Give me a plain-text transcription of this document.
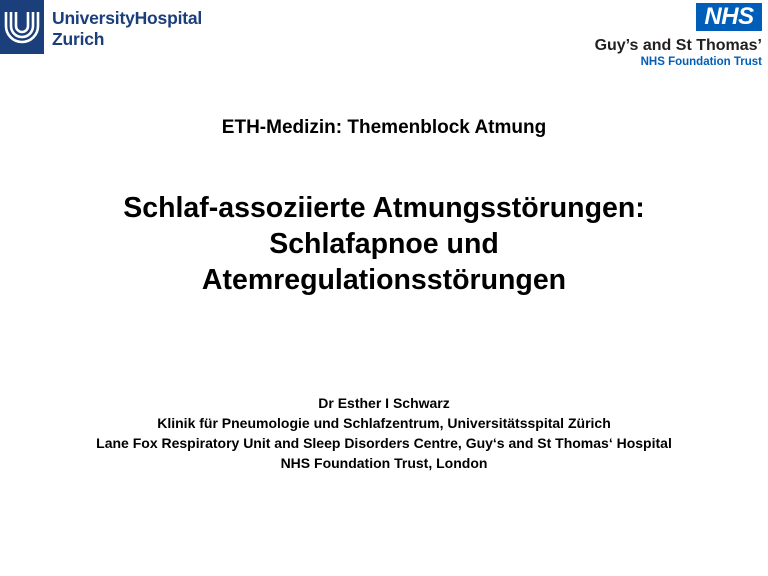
UniversityHospital
Zurich
NHS
Guy’s and St Thomas’
NHS Foundation Trust
ETH-Medizin: Themenblock Atmung
Schlaf-assoziierte Atmungsstörungen:
Schlafapnoe und
Atemregulationsstörungen
Dr Esther I Schwarz
Klinik für Pneumologie und Schlafzentrum, Universitätsspital Zürich
Lane Fox Respiratory Unit and Sleep Disorders Centre, Guy‘s and St Thomas‘ Hospital
NHS Foundation Trust, London
